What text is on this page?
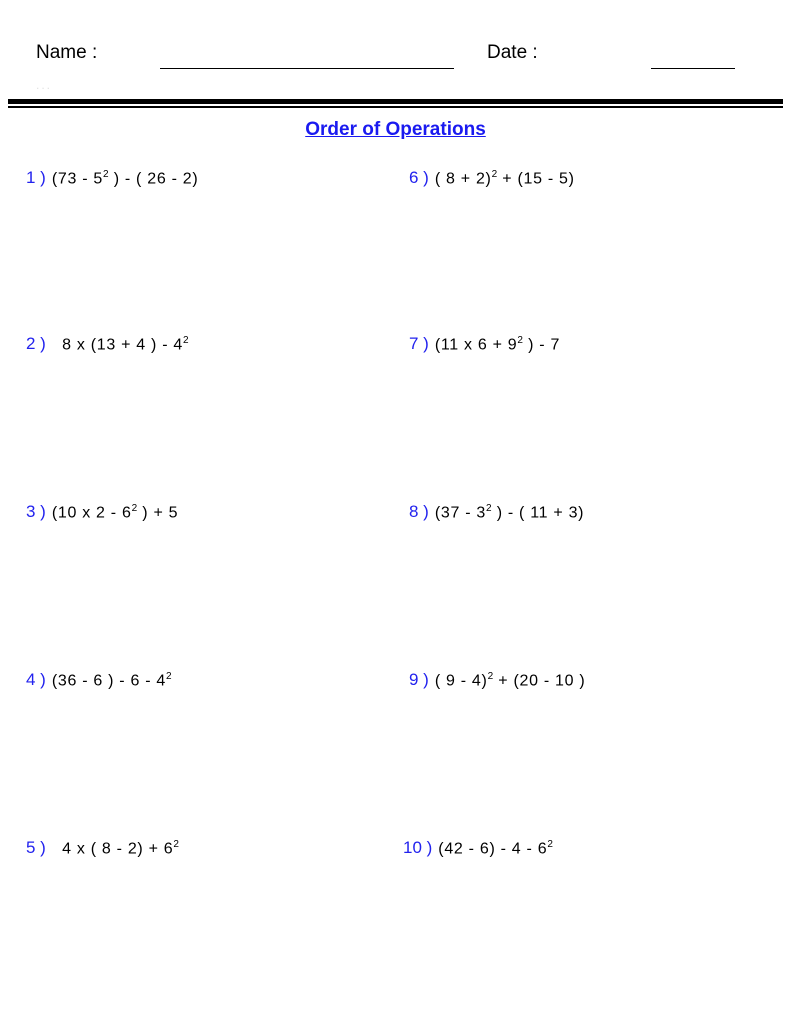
Name :	Date :
...
Order of Operations
1 ) ($73 - 5^2$ ) - ( 26 - 2)
2 ) 8 x (13 + 4 ) - $4^2$
3 ) (10 x $2 - 6^2$ ) + 5
4 ) (36 - 6 ) - $6 - 4^2$
5 ) 4 x ( $8 - 2) + 6^2$
6 ) ( 8 + 2)$^2$ + (15 - 5)
7 ) (11 x $6 + 9^2$ ) - 7
8 ) ($37 - 3^2$ ) - ( 11 + 3)
9 ) ( 9 - 4)$^2$ + (20 - 10 )
10 ) $(42 - 6) - 4 - 6^2$
